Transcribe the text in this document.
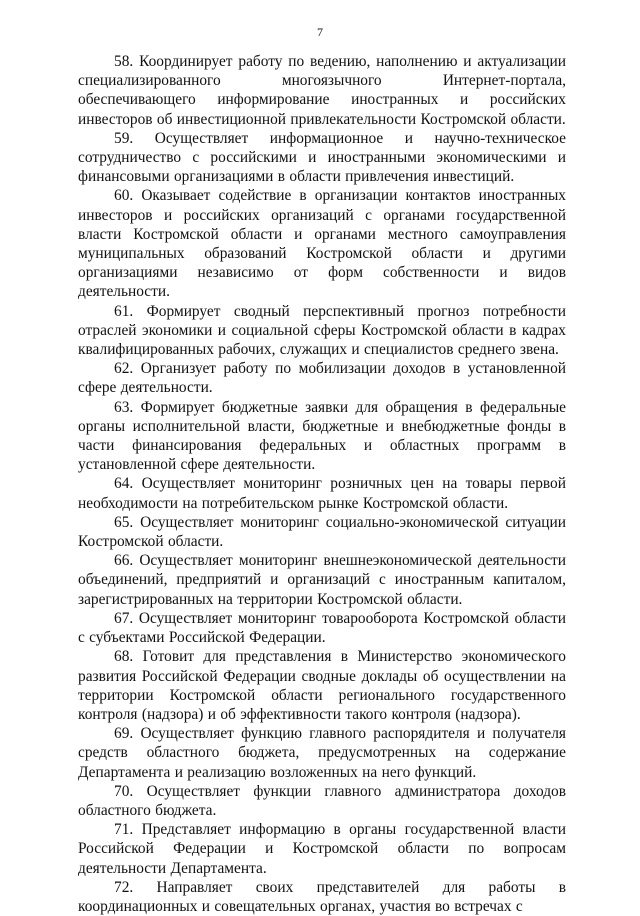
7

58. Координирует работу по ведению, наполнению и актуализации специализированного многоязычного Интернет-портала, обеспечивающего информирование иностранных и российских инвесторов об инвестиционной привлекательности Костромской области.

59. Осуществляет информационное и научно-техническое сотрудничество с российскими и иностранными экономическими и финансовыми организациями в области привлечения инвестиций.

60. Оказывает содействие в организации контактов иностранных инвесторов и российских организаций с органами государственной власти Костромской области и органами местного самоуправления муниципальных образований Костромской области и другими организациями независимо от форм собственности и видов деятельности.

61. Формирует сводный перспективный прогноз потребности отраслей экономики и социальной сферы Костромской области в кадрах квалифицированных рабочих, служащих и специалистов среднего звена.

62. Организует работу по мобилизации доходов в установленной сфере деятельности.

63. Формирует бюджетные заявки для обращения в федеральные органы исполнительной власти, бюджетные и внебюджетные фонды в части финансирования федеральных и областных программ в установленной сфере деятельности.

64. Осуществляет мониторинг розничных цен на товары первой необходимости на потребительском рынке Костромской области.

65. Осуществляет мониторинг социально-экономической ситуации Костромской области.

66. Осуществляет мониторинг внешнеэкономической деятельности объединений, предприятий и организаций с иностранным капиталом, зарегистрированных на территории Костромской области.

67. Осуществляет мониторинг товарооборота Костромской области с субъектами Российской Федерации.

68. Готовит для представления в Министерство экономического развития Российской Федерации сводные доклады об осуществлении на территории Костромской области регионального государственного контроля (надзора) и об эффективности такого контроля (надзора).

69. Осуществляет функцию главного распорядителя и получателя средств областного бюджета, предусмотренных на содержание Департамента и реализацию возложенных на него функций.

70. Осуществляет функции главного администратора доходов областного бюджета.

71. Представляет информацию в органы государственной власти Российской Федерации и Костромской области по вопросам деятельности Департамента.

72. Направляет своих представителей для работы в координационных и совещательных органах, участия во встречах с
